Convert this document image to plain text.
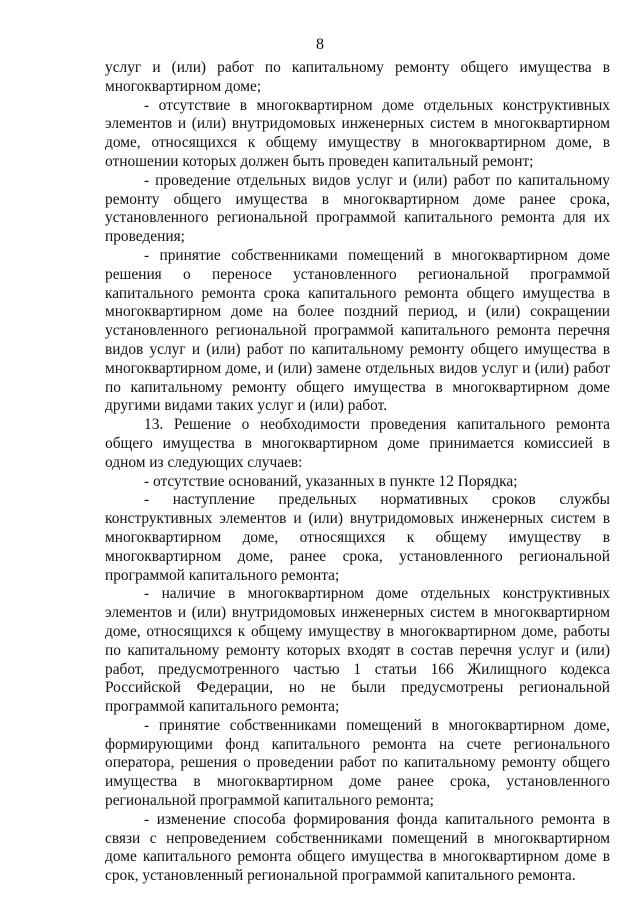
8

услуг и (или) работ по капитальному ремонту общего имущества в многоквартирном доме;

- отсутствие в многоквартирном доме отдельных конструктивных элементов и (или) внутридомовых инженерных систем в многоквартирном доме, относящихся к общему имуществу в многоквартирном доме, в отношении которых должен быть проведен капитальный ремонт;

- проведение отдельных видов услуг и (или) работ по капитальному ремонту общего имущества в многоквартирном доме ранее срока, установленного региональной программой капитального ремонта для их проведения;

- принятие собственниками помещений в многоквартирном доме решения о переносе установленного региональной программой капитального ремонта срока капитального ремонта общего имущества в многоквартирном доме на более поздний период, и (или) сокращении установленного региональной программой капитального ремонта перечня видов услуг и (или) работ по капитальному ремонту общего имущества в многоквартирном доме, и (или) замене отдельных видов услуг и (или) работ по капитальному ремонту общего имущества в многоквартирном доме другими видами таких услуг и (или) работ.

13. Решение о необходимости проведения капитального ремонта общего имущества в многоквартирном доме принимается комиссией в одном из следующих случаев:

- отсутствие оснований, указанных в пункте 12 Порядка;

- наступление предельных нормативных сроков службы конструктивных элементов и (или) внутридомовых инженерных систем в многоквартирном доме, относящихся к общему имуществу в многоквартирном доме, ранее срока, установленного региональной программой капитального ремонта;

- наличие в многоквартирном доме отдельных конструктивных элементов и (или) внутридомовых инженерных систем в многоквартирном доме, относящихся к общему имуществу в многоквартирном доме, работы по капитальному ремонту которых входят в состав перечня услуг и (или) работ, предусмотренного частью 1 статьи 166 Жилищного кодекса Российской Федерации, но не были предусмотрены региональной программой капитального ремонта;

- принятие собственниками помещений в многоквартирном доме, формирующими фонд капитального ремонта на счете регионального оператора, решения о проведении работ по капитальному ремонту общего имущества в многоквартирном доме ранее срока, установленного региональной программой капитального ремонта;

- изменение способа формирования фонда капитального ремонта в связи с непроведением собственниками помещений в многоквартирном доме капитального ремонта общего имущества в многоквартирном доме в срок, установленный региональной программой капитального ремонта.
